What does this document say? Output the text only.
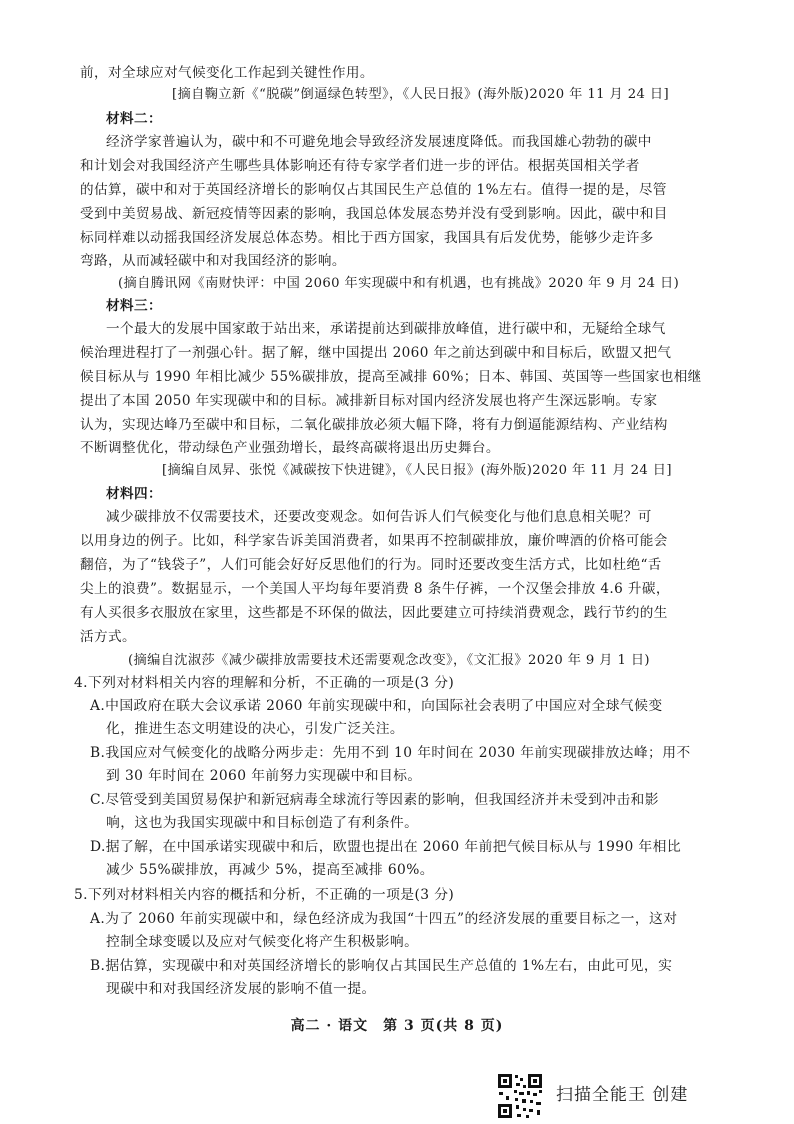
前，对全球应对气候变化工作起到关键性作用。
[摘自鞠立新《“脱碳”倒逼绿色转型》，《人民日报》(海外版)2020 年 11 月 24 日]
材料二：
经济学家普遍认为，碳中和不可避免地会导致经济发展速度降低。而我国雄心勃勃的碳中
和计划会对我国经济产生哪些具体影响还有待专家学者们进一步的评估。根据英国相关学者
的估算，碳中和对于英国经济增长的影响仅占其国民生产总值的 1%左右。值得一提的是，尽管
受到中美贸易战、新冠疫情等因素的影响，我国总体发展态势并没有受到影响。因此，碳中和目
标同样难以动摇我国经济发展总体态势。相比于西方国家，我国具有后发优势，能够少走许多
弯路，从而减轻碳中和对我国经济的影响。
(摘自腾讯网《南财快评：中国 2060 年实现碳中和有机遇，也有挑战》2020 年 9 月 24 日)
材料三：
一个最大的发展中国家敢于站出来，承诺提前达到碳排放峰值，进行碳中和，无疑给全球气
候治理进程打了一剂强心针。据了解，继中国提出 2060 年之前达到碳中和目标后，欧盟又把气
候目标从与 1990 年相比减少 55%碳排放，提高至减排 60%；日本、韩国、英国等一些国家也相继
提出了本国 2050 年实现碳中和的目标。减排新目标对国内经济发展也将产生深远影响。专家
认为，实现达峰乃至碳中和目标，二氧化碳排放必须大幅下降，将有力倒逼能源结构、产业结构
不断调整优化，带动绿色产业强劲增长，最终高碳将退出历史舞台。
[摘编自凤昇、张悦《减碳按下快进键》，《人民日报》(海外版)2020 年 11 月 24 日]
材料四：
减少碳排放不仅需要技术，还要改变观念。如何告诉人们气候变化与他们息息相关呢？可
以用身边的例子。比如，科学家告诉美国消费者，如果再不控制碳排放，廉价啤酒的价格可能会
翻倍，为了“钱袋子”，人们可能会好好反思他们的行为。同时还要改变生活方式，比如杜绝“舌
尖上的浪费”。数据显示，一个美国人平均每年要消费 8 条牛仔裤，一个汉堡会排放 4.6 升碳，
有人买很多衣服放在家里，这些都是不环保的做法，因此要建立可持续消费观念，践行节约的生
活方式。
(摘编自沈淑莎《减少碳排放需要技术还需要观念改变》，《文汇报》2020 年 9 月 1 日)
4.下列对材料相关内容的理解和分析，不正确的一项是(3 分)
A.中国政府在联大会议承诺 2060 年前实现碳中和，向国际社会表明了中国应对全球气候变
化，推进生态文明建设的决心，引发广泛关注。
B.我国应对气候变化的战略分两步走：先用不到 10 年时间在 2030 年前实现碳排放达峰；用不
到 30 年时间在 2060 年前努力实现碳中和目标。
C.尽管受到美国贸易保护和新冠病毒全球流行等因素的影响，但我国经济并未受到冲击和影
响，这也为我国实现碳中和目标创造了有利条件。
D.据了解，在中国承诺实现碳中和后，欧盟也提出在 2060 年前把气候目标从与 1990 年相比
减少 55%碳排放，再减少 5%，提高至减排 60%。
5.下列对材料相关内容的概括和分析，不正确的一项是(3 分)
A.为了 2060 年前实现碳中和，绿色经济成为我国“十四五”的经济发展的重要目标之一，这对
控制全球变暖以及应对气候变化将产生积极影响。
B.据估算，实现碳中和对英国经济增长的影响仅占其国民生产总值的 1%左右，由此可见，实
现碳中和对我国经济发展的影响不值一提。
高二 · 语文　第 3 页(共 8 页)
扫描全能王 创建
